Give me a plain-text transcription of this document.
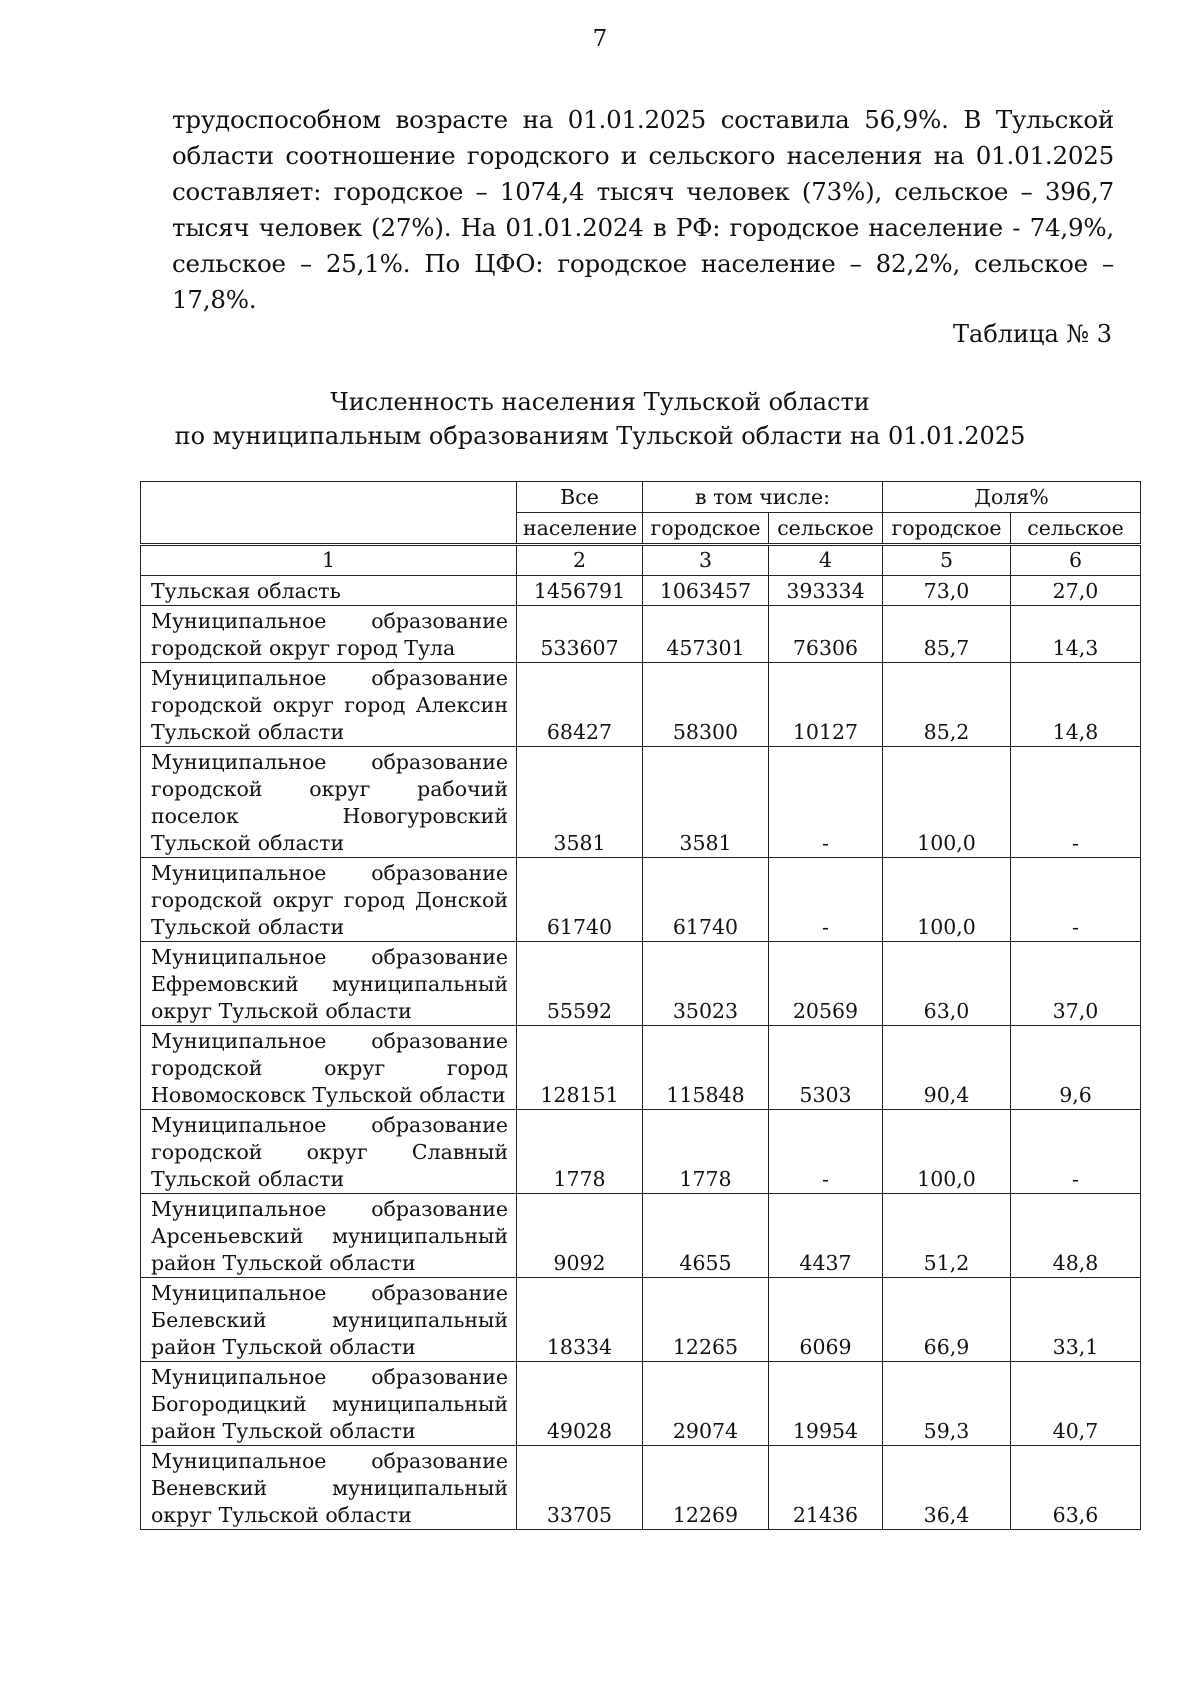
7

трудоспособном возрасте на 01.01.2025 составила 56,9%. В Тульской области соотношение городского и сельского населения на 01.01.2025 составляет: городское – 1074,4 тысяч человек (73%), сельское – 396,7 тысяч человек (27%). На 01.01.2024 в РФ: городское население - 74,9%, сельское – 25,1%. По ЦФО: городское население – 82,2%, сельское – 17,8%.

Таблица № 3
Численность населения Тульской области
по муниципальным образованиям Тульской области на 01.01.2025
	Все	в том числе:		Доля%	
	население	городское	сельское	городское	сельское
1	2	3	4	5	6
Тульская область	1456791	1063457	393334	73,0	27,0
Муниципальное образование городской округ город Тула	533607	457301	76306	85,7	14,3
Муниципальное образование городской округ город Алексин Тульской области	68427	58300	10127	85,2	14,8
Муниципальное образование городской округ рабочий поселок Новогуровский Тульской области	3581	3581	-	100,0	-
Муниципальное образование городской округ город Донской Тульской области	61740	61740	-	100,0	-
Муниципальное образование Ефремовский муниципальный округ Тульской области	55592	35023	20569	63,0	37,0
Муниципальное образование городской округ город Новомосковск Тульской области	128151	115848	5303	90,4	9,6
Муниципальное образование городской округ Славный Тульской области	1778	1778	-	100,0	-
Муниципальное образование Арсеньевский муниципальный район Тульской области	9092	4655	4437	51,2	48,8
Муниципальное образование Белевский муниципальный район Тульской области	18334	12265	6069	66,9	33,1
Муниципальное образование Богородицкий муниципальный район Тульской области	49028	29074	19954	59,3	40,7
Муниципальное образование Веневский муниципальный округ Тульской области	33705	12269	21436	36,4	63,6
